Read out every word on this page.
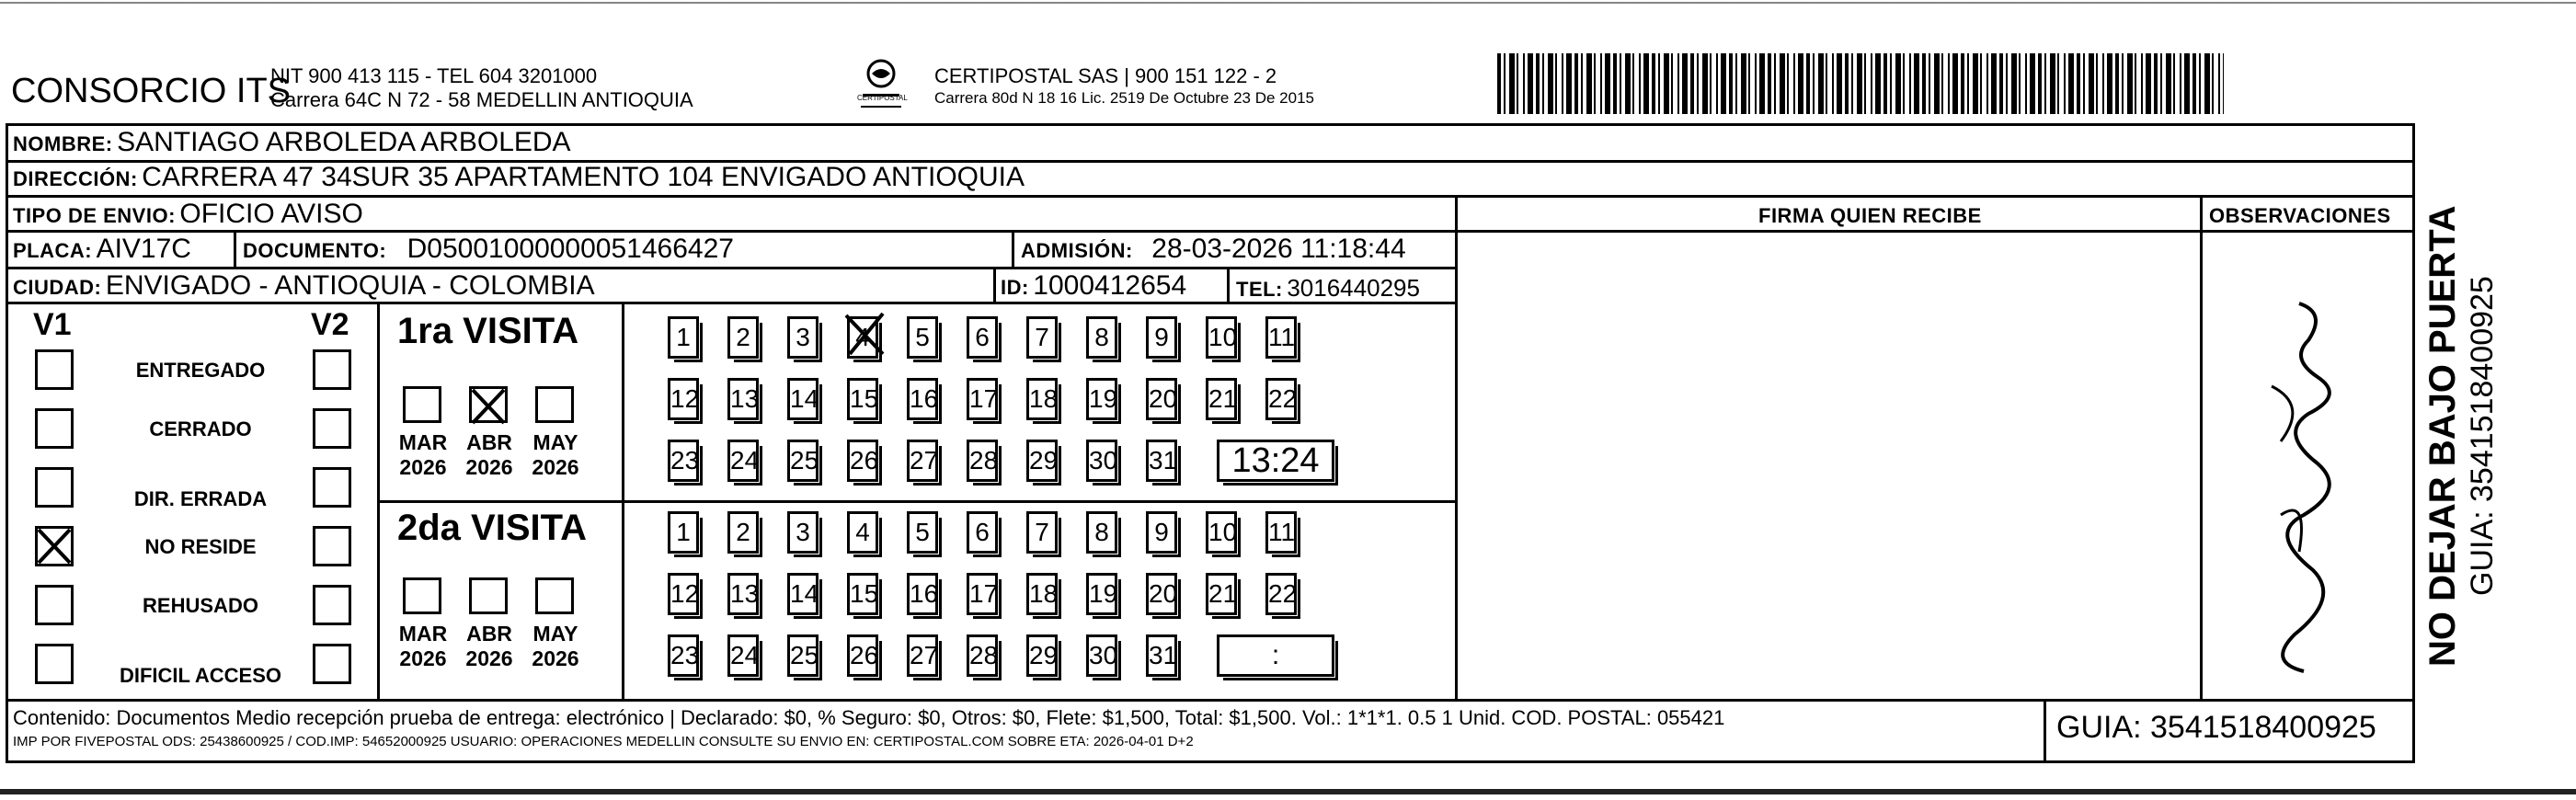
CONSORCIO ITS
NIT 900 413 115 - TEL 604 3201000
Carrera 64C N 72 - 58 MEDELLIN ANTIOQUIA	CERTIPOSTAL
CERTIPOSTAL SAS | 900 151 122 - 2
Carrera 80d N 18 16 Lic. 2519 De Octubre 23 De 2015
NOMBRE: SANTIAGO ARBOLEDA ARBOLEDA
DIRECCIÓN: CARRERA 47 34SUR 35 APARTAMENTO 104 ENVIGADO ANTIOQUIA
TIPO DE ENVIO: OFICIO AVISO	FIRMA QUIEN RECIBE	OBSERVACIONES
PLACA: AIV17C	DOCUMENTO: D05001000000051466427	ADMISIÓN: 28-03-2026 11:18:44
CIUDAD: ENVIGADO - ANTIOQUIA - COLOMBIA	ID: 1000412654 TEL: 3016440295
V1	V2
ENTREGADO
CERRADO
DIR. ERRADA
NO RESIDE
REHUSADO
DIFICIL ACCESO
1ra VISITA
MAR
2026
ABR
2026
MAY
2026
1	2	3	4	5	6	7	8	9	10 11
12 13 14 15 16 17 18 19 20 21 22
23 24 25 26 27 28 29 30 31	13:24
2da VISITA
MAR
2026
ABR
2026
MAY
2026
1	2	3	4	5	6	7	8	9	10 11
12 13 14 15 16 17 18 19 20 21 22
23 24 25 26 27 28 29 30 31	:
Contenido: Documentos Medio recepción prueba de entrega: electrónico | Declarado: $0, % Seguro: $0, Otros: $0, Flete: $1,500, Total: $1,500. Vol.: 1*1*1. 0.5 1 Unid. COD. POSTAL: 055421
IMP POR FIVEPOSTAL ODS: 25438600925 / COD.IMP: 54652000925 USUARIO: OPERACIONES MEDELLIN CONSULTE SU ENVIO EN: CERTIPOSTAL.COM SOBRE ETA: 2026-04-01 D+2	GUIA: 3541518400925
NO DEJAR BAJO PUERTA GUIA: 3541518400925
